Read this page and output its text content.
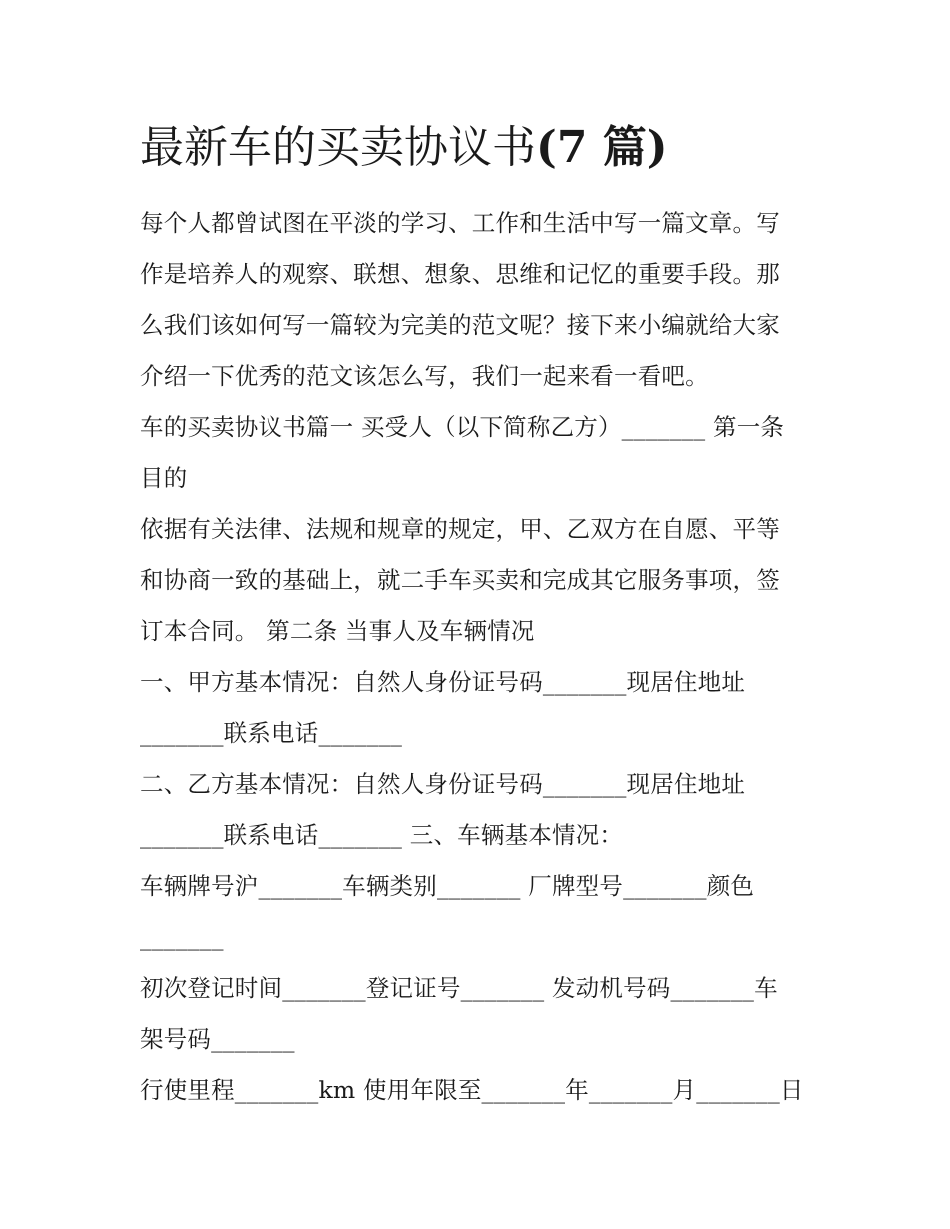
最新车的买卖协议书(7 篇)
每个人都曾试图在平淡的学习、工作和生活中写一篇文章。写
作是培养人的观察、联想、想象、思维和记忆的重要手段。那
么我们该如何写一篇较为完美的范文呢？接下来小编就给大家
介绍一下优秀的范文该怎么写，我们一起来看一看吧。
车的买卖协议书篇一 买受人（以下简称乙方）_______ 第一条
目的
依据有关法律、法规和规章的规定，甲、乙双方在自愿、平等
和协商一致的基础上，就二手车买卖和完成其它服务事项，签
订本合同。 第二条 当事人及车辆情况
一、甲方基本情况：自然人身份证号码_______现居住地址
_______联系电话_______
二、乙方基本情况：自然人身份证号码_______现居住地址
_______联系电话_______ 三、车辆基本情况：
车辆牌号沪_______车辆类别_______ 厂牌型号_______颜色
_______
初次登记时间_______登记证号_______ 发动机号码_______车
架号码_______
行使里程_______km 使用年限至_______年_______月_______日
